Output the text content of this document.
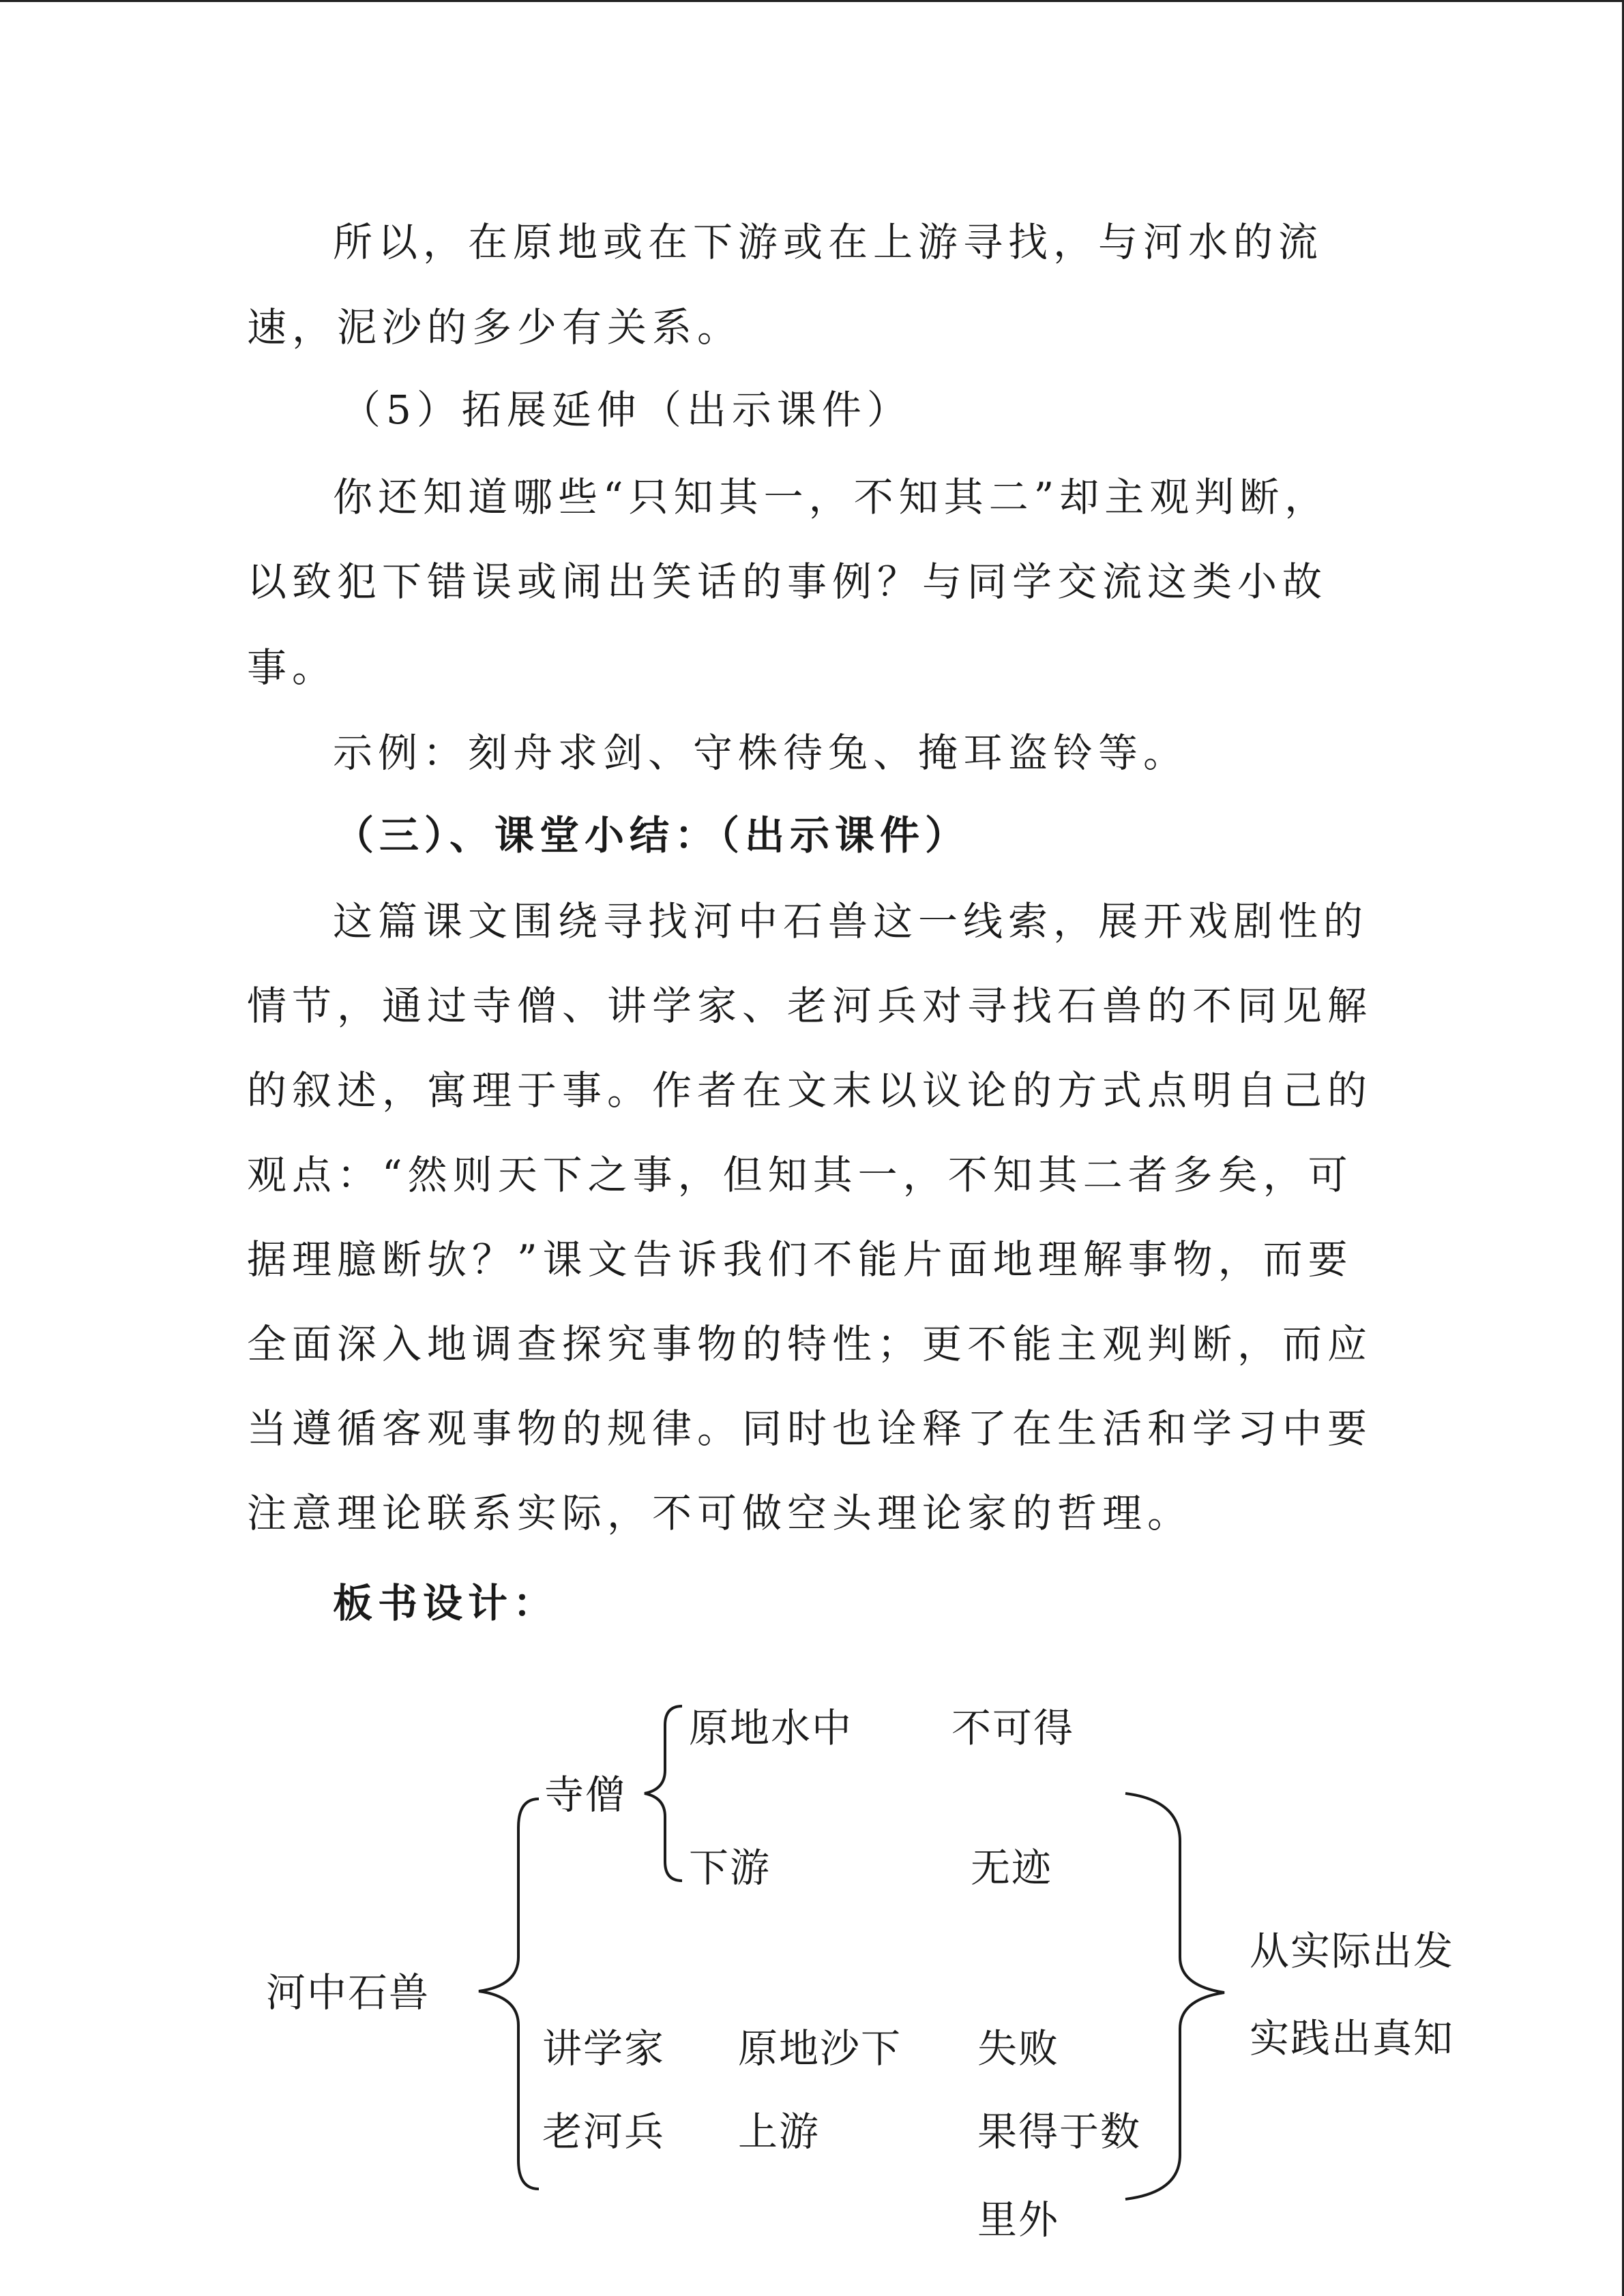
所以，在原地或在下游或在上游寻找，与河水的流
速，泥沙的多少有关系。
（5）拓展延伸（出示课件）
你还知道哪些“只知其一，不知其二”却主观判断，
以致犯下错误或闹出笑话的事例？与同学交流这类小故
事。
示例：刻舟求剑、守株待兔、掩耳盗铃等。
（三）、课堂小结：（出示课件）
这篇课文围绕寻找河中石兽这一线索，展开戏剧性的
情节，通过寺僧、讲学家、老河兵对寻找石兽的不同见解
的叙述，寓理于事。作者在文末以议论的方式点明自己的
观点：“然则天下之事，但知其一，不知其二者多矣，可
据理臆断欤？”课文告诉我们不能片面地理解事物，而要
全面深入地调查探究事物的特性；更不能主观判断，而应
当遵循客观事物的规律。同时也诠释了在生活和学习中要
注意理论联系实际，不可做空头理论家的哲理。
板书设计：
河中石兽
寺僧
原地水中 不可得
下游	无迹
讲学家 原地沙下 失败
老河兵 上游	果得于数
里外
从实际出发
实践出真知
